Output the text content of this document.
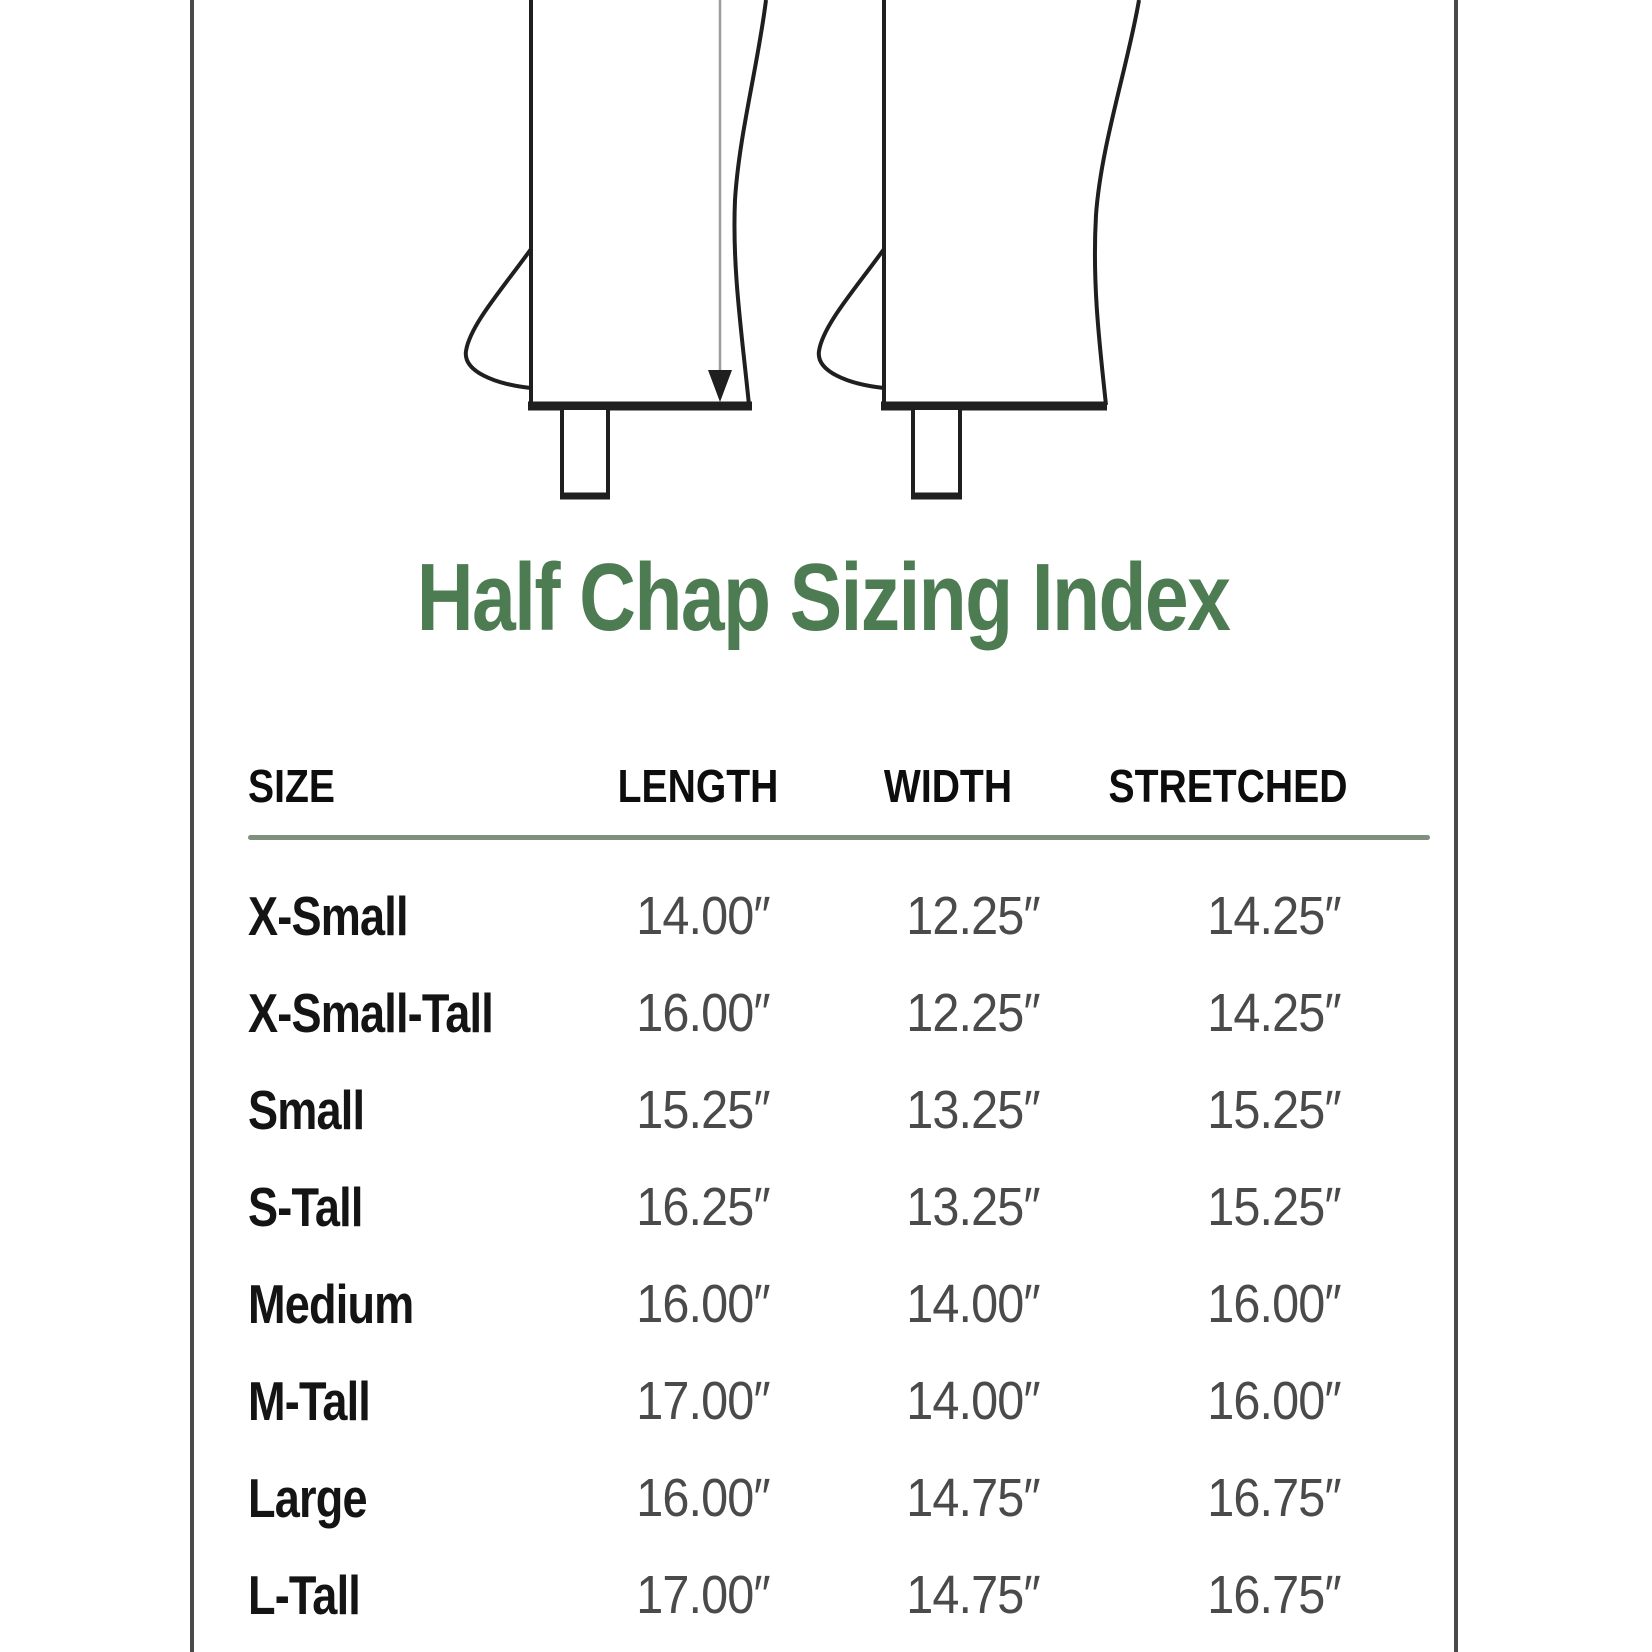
Half Chap Sizing Index
SIZE	LENGTH	WIDTH	STRETCHED
X-Small	14.00″	12.25″	14.25″
X-Small-Tall	16.00″	12.25″	14.25″
Small	15.25″	13.25″	15.25″
S-Tall	16.25″	13.25″	15.25″
Medium	16.00″	14.00″	16.00″
M-Tall	17.00″	14.00″	16.00″
Large	16.00″	14.75″	16.75″
L-Tall	17.00″	14.75″	16.75″
